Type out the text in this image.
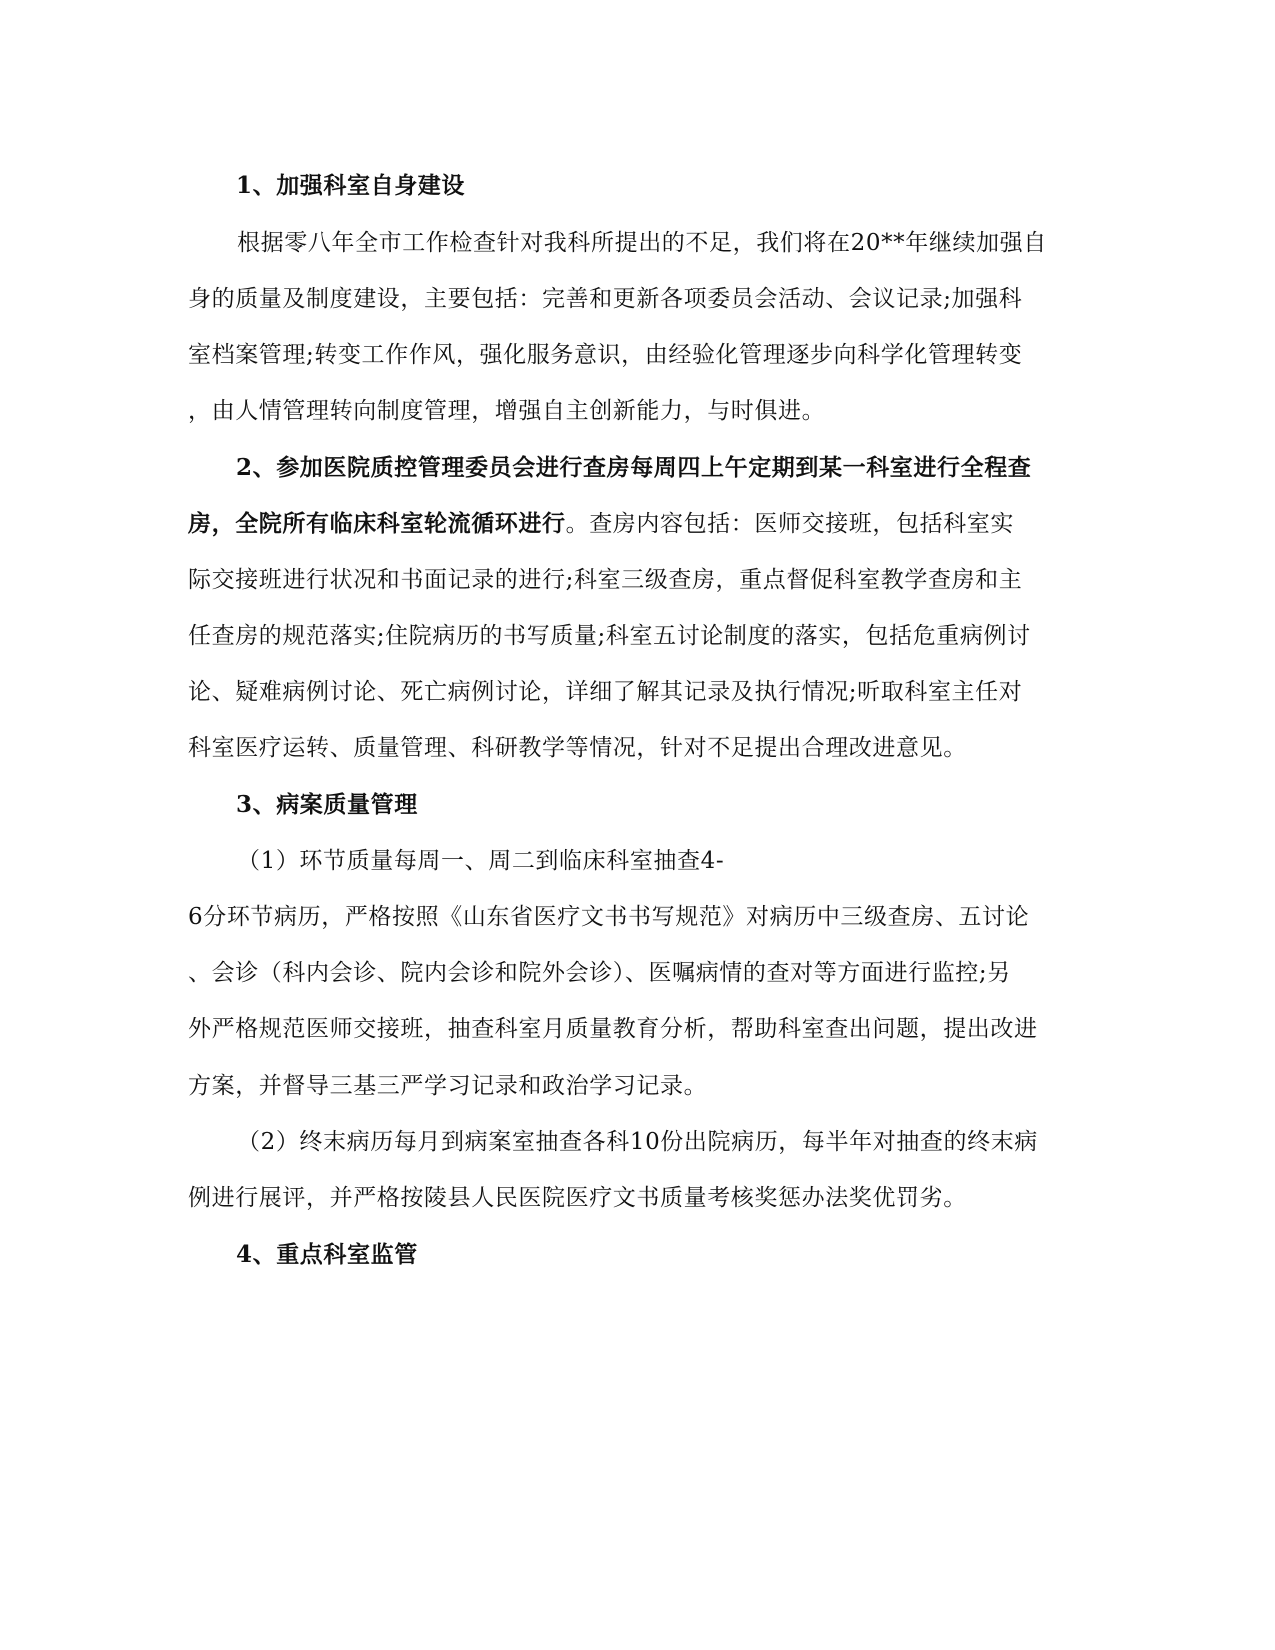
1、加强科室自身建设
根据零八年全市工作检查针对我科所提出的不足，我们将在20**年继续加强自
身的质量及制度建设，主要包括：完善和更新各项委员会活动、会议记录;加强科
室档案管理;转变工作作风，强化服务意识，由经验化管理逐步向科学化管理转变
，由人情管理转向制度管理，增强自主创新能力，与时俱进。
2、参加医院质控管理委员会进行查房每周四上午定期到某一科室进行全程查
房，全院所有临床科室轮流循环进行。查房内容包括：医师交接班，包括科室实
际交接班进行状况和书面记录的进行;科室三级查房，重点督促科室教学查房和主
任查房的规范落实;住院病历的书写质量;科室五讨论制度的落实，包括危重病例讨
论、疑难病例讨论、死亡病例讨论，详细了解其记录及执行情况;听取科室主任对
科室医疗运转、质量管理、科研教学等情况，针对不足提出合理改进意见。
3、病案质量管理
（1）环节质量每周一、周二到临床科室抽查4-
6分环节病历，严格按照《山东省医疗文书书写规范》对病历中三级查房、五讨论
、会诊（科内会诊、院内会诊和院外会诊）、医嘱病情的查对等方面进行监控;另
外严格规范医师交接班，抽查科室月质量教育分析，帮助科室查出问题，提出改进
方案，并督导三基三严学习记录和政治学习记录。
（2）终末病历每月到病案室抽查各科10份出院病历，每半年对抽查的终末病
例进行展评，并严格按陵县人民医院医疗文书质量考核奖惩办法奖优罚劣。
4、重点科室监管
